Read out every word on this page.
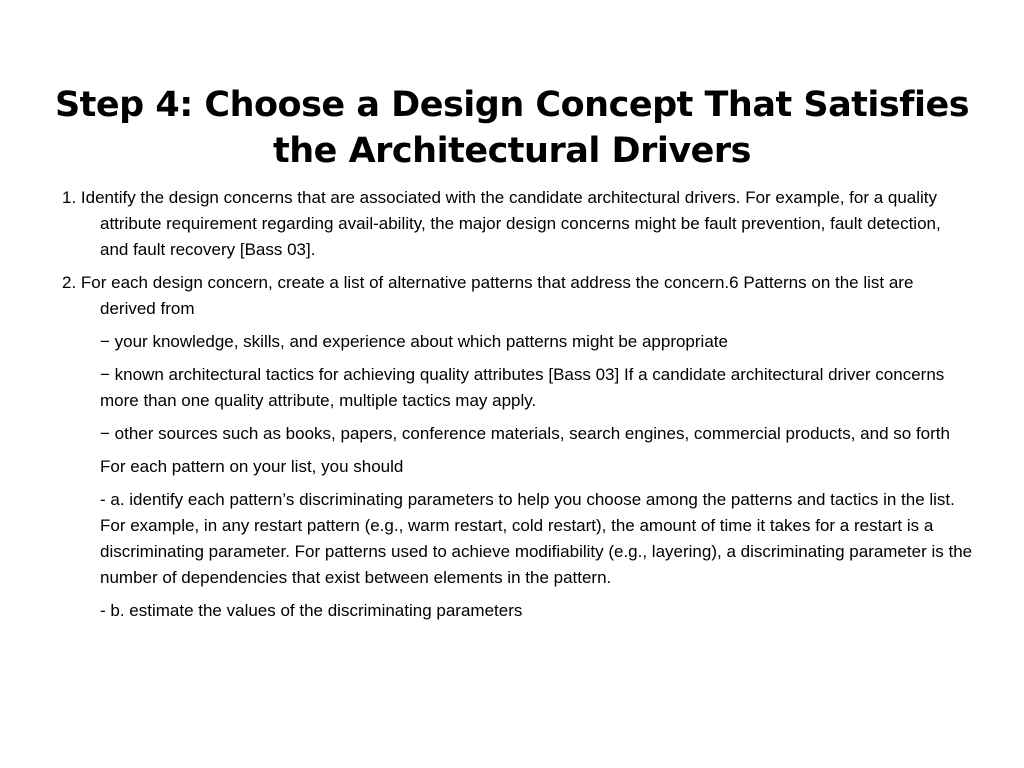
Step 4: Choose a Design Concept That Satisfies
the Architectural Drivers

1. Identify the design concerns that are associated with the candidate architectural drivers. For example, for a quality attribute requirement regarding avail-ability, the major design concerns might be fault prevention, fault detection, and fault recovery [Bass 03].

2. For each design concern, create a list of alternative patterns that address the concern.6 Patterns on the list are derived from

− your knowledge, skills, and experience about which patterns might be appropriate

− known architectural tactics for achieving quality attributes [Bass 03] If a candidate architectural driver concerns more than one quality attribute, multiple tactics may apply.

− other sources such as books, papers, conference materials, search engines, commercial products, and so forth

For each pattern on your list, you should

- a. identify each pattern’s discriminating parameters to help you choose among the patterns and tactics in the list. For example, in any restart pattern (e.g., warm restart, cold restart), the amount of time it takes for a restart is a discriminating parameter. For patterns used to achieve modifiability (e.g., layering), a discriminating parameter is the number of dependencies that exist between elements in the pattern.

- b. estimate the values of the discriminating parameters
